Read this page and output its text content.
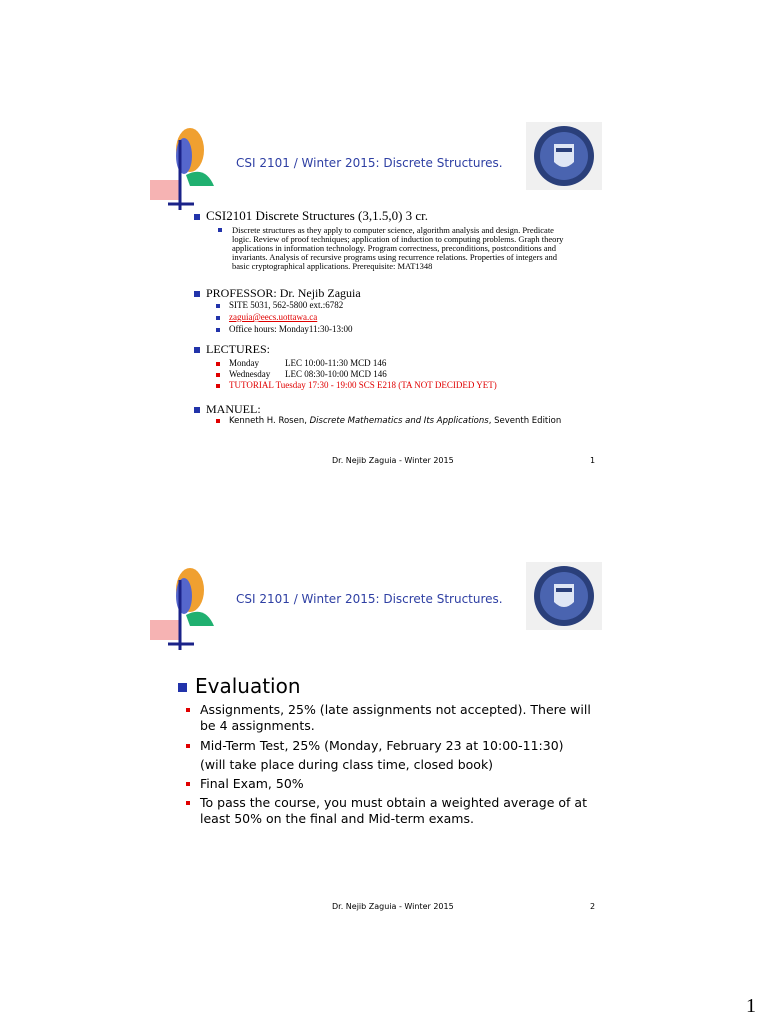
CSI 2101 / Winter 2015: Discrete Structures.
CSI2101 Discrete Structures (3,1.5,0) 3 cr.
Discrete structures as they apply to computer science, algorithm analysis and design. Predicate logic. Review of proof techniques; application of induction to computing problems. Graph theory applications in information technology. Program correctness, preconditions, postconditions and invariants. Analysis of recursive programs using recurrence relations. Properties of integers and basic cryptographical applications. Prerequisite: MAT1348
PROFESSOR: Dr. Nejib Zaguia
SITE 5031, 562-5800 ext.:6782
zaguia@eecs.uottawa.ca
Office hours: Monday11:30-13:00
LECTURES:
Monday	LEC 10:00-11:30 MCD 146
Wednesday LEC 08:30-10:00 MCD 146
TUTORIAL Tuesday 17:30 - 19:00 SCS E218 (TA NOT DECIDED YET)
MANUEL:
Kenneth H. Rosen, Discrete Mathematics and Its Applications, Seventh Edition
Dr. Nejib Zaguia - Winter 2015	1
CSI 2101 / Winter 2015: Discrete Structures.
Evaluation
Assignments, 25% (late assignments not accepted). There will
be 4 assignments.
Mid-Term Test, 25% (Monday, February 23 at 10:00-11:30)
(will take place during class time, closed book)
Final Exam, 50%
To pass the course, you must obtain a weighted average of at
least 50% on the final and Mid-term exams.
Dr. Nejib Zaguia - Winter 2015	2
1
